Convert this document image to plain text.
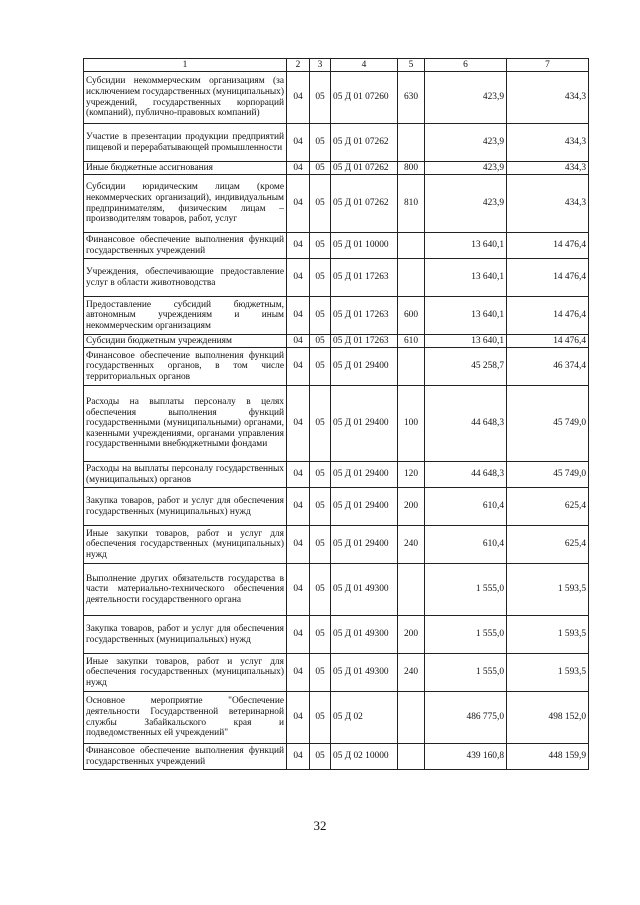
1	2	3	4	5	6	7
Субсидии некоммерческим организациям (за исключением государственных (муниципальных) учреждений, государственных корпораций (компаний), публично-правовых компаний)	04	05	05 Д 01 07260	630	423,9	434,3
Участие в презентации продукции предприятий пищевой и перерабатывающей промышленности	04	05	05 Д 01 07262		423,9	434,3
Иные бюджетные ассигнования	04	05	05 Д 01 07262	800	423,9	434,3
Субсидии юридическим лицам (кроме некоммерческих организаций), индивидуальным предпринимателям, физическим лицам – производителям товаров, работ, услуг	04	05	05 Д 01 07262	810	423,9	434,3
Финансовое обеспечение выполнения функций государственных учреждений	04	05	05 Д 01 10000		13 640,1	14 476,4
Учреждения, обеспечивающие предоставление услуг в области животноводства	04	05	05 Д 01 17263		13 640,1	14 476,4
Предоставление субсидий бюджетным, автономным учреждениям и иным некоммерческим организациям	04	05	05 Д 01 17263	600	13 640,1	14 476,4
Субсидии бюджетным учреждениям	04	05	05 Д 01 17263	610	13 640,1	14 476,4
Финансовое обеспечение выполнения функций государственных органов, в том числе территориальных органов	04	05	05 Д 01 29400		45 258,7	46 374,4
Расходы на выплаты персоналу в целях обеспечения выполнения функций государственными (муниципальными) органами, казенными учреждениями, органами управления государственными внебюджетными фондами	04	05	05 Д 01 29400	100	44 648,3	45 749,0
Расходы на выплаты персоналу государственных (муниципальных) органов	04	05	05 Д 01 29400	120	44 648,3	45 749,0
Закупка товаров, работ и услуг для обеспечения государственных (муниципальных) нужд	04	05	05 Д 01 29400	200	610,4	625,4
Иные закупки товаров, работ и услуг для обеспечения государственных (муниципальных) нужд	04	05	05 Д 01 29400	240	610,4	625,4
Выполнение других обязательств государства в части материально-технического обеспечения деятельности государственного органа	04	05	05 Д 01 49300		1 555,0	1 593,5
Закупка товаров, работ и услуг для обеспечения государственных (муниципальных) нужд	04	05	05 Д 01 49300	200	1 555,0	1 593,5
Иные закупки товаров, работ и услуг для обеспечения государственных (муниципальных) нужд	04	05	05 Д 01 49300	240	1 555,0	1 593,5
Основное мероприятие "Обеспечение деятельности Государственной ветеринарной службы Забайкальского края и подведомственных ей учреждений"	04	05	05 Д 02		486 775,0	498 152,0
Финансовое обеспечение выполнения функций государственных учреждений	04	05	05 Д 02 10000		439 160,8	448 159,9
32
